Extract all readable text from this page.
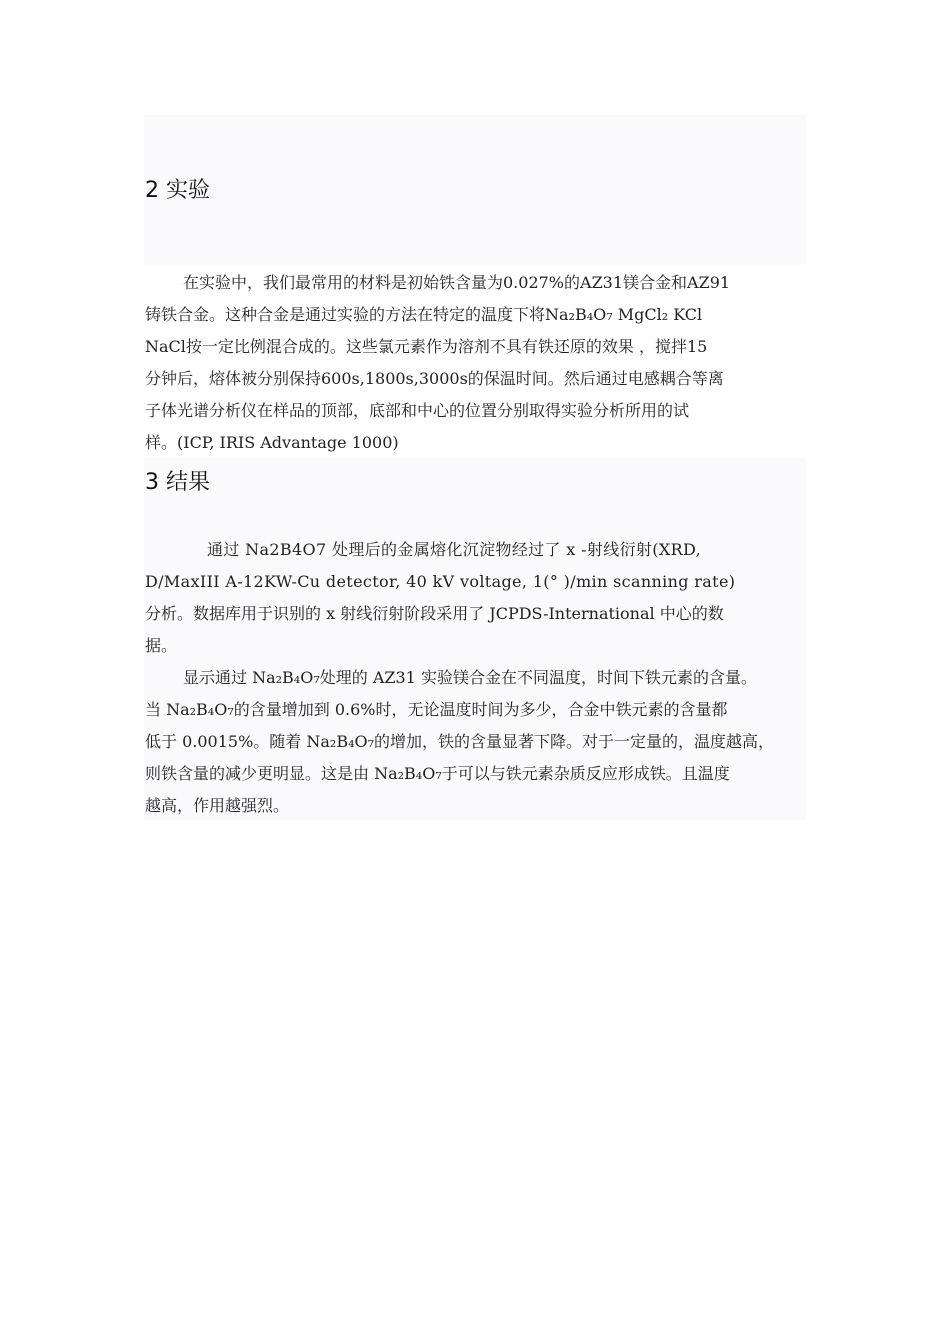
2 实验
在实验中，我们最常用的材料是初始铁含量为0.027%的AZ31镁合金和AZ91
铸铁合金。这种合金是通过实验的方法在特定的温度下将Na₂B₄O₇ MgCl₂ KCl
NaCl按一定比例混合成的。这些氯元素作为溶剂不具有铁还原的效果 ，搅拌15
分钟后，熔体被分别保持600s,1800s,3000s的保温时间。然后通过电感耦合等离
子体光谱分析仪在样品的顶部，底部和中心的位置分别取得实验分析所用的试
样。(ICP, IRIS Advantage 1000)
3 结果
通过 Na2B4O7 处理后的金属熔化沉淀物经过了 x -射线衍射(XRD,
D/MaxIII A-12KW-Cu detector, 40 kV voltage, 1(° )/min scanning rate)
分析。数据库用于识别的 x 射线衍射阶段采用了 JCPDS-International 中心的数
据。
显示通过 Na₂B₄O₇处理的 AZ31 实验镁合金在不同温度，时间下铁元素的含量。
当 Na₂B₄O₇的含量增加到 0.6%时，无论温度时间为多少，合金中铁元素的含量都
低于 0.0015%。随着 Na₂B₄O₇的增加，铁的含量显著下降。对于一定量的，温度越高，
则铁含量的减少更明显。这是由 Na₂B₄O₇于可以与铁元素杂质反应形成铁。且温度
越高，作用越强烈。
